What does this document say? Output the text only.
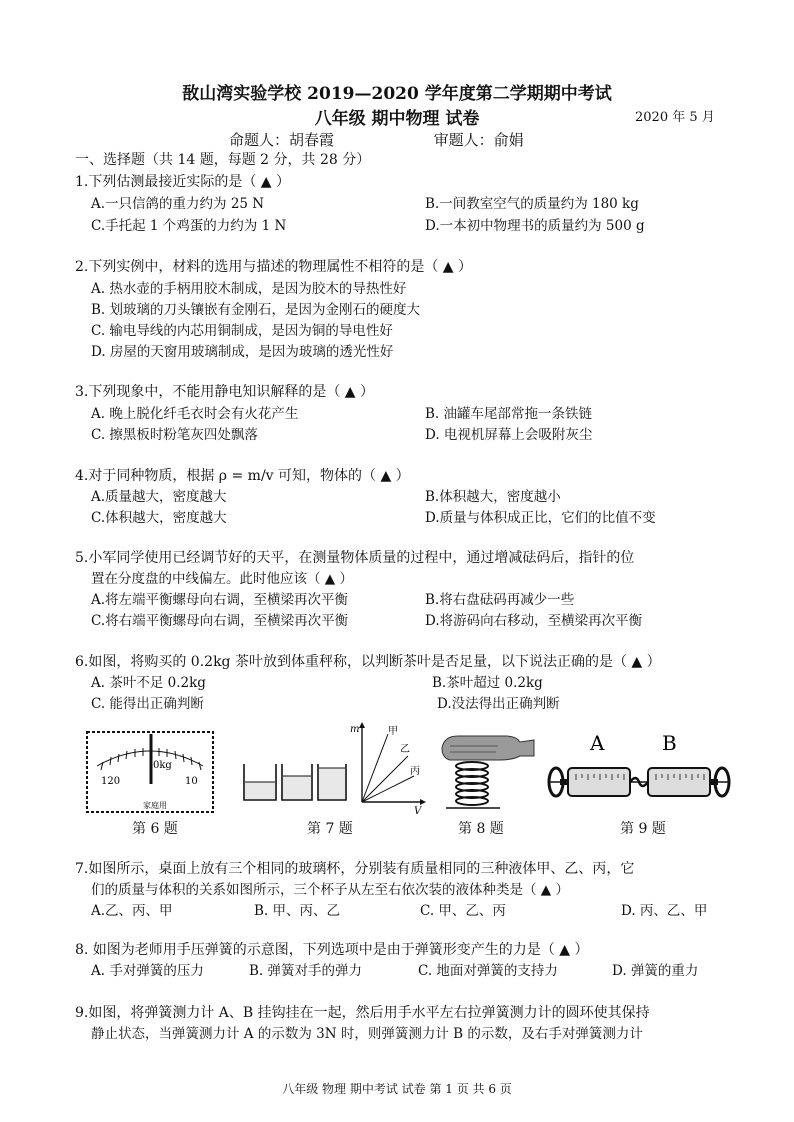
敔山湾实验学校 2019—2020 学年度第二学期期中考试
八年级 期中物理 试卷	2020 年 5 月
命题人：胡春霞	审题人：俞娟
一、选择题（共 14 题，每题 2 分，共 28 分）
1.下列估测最接近实际的是（ ▲ ）
A.一只信鸽的重力约为 25 N	B.一间教室空气的质量约为 180 kg
C.手托起 1 个鸡蛋的力约为 1 N	D.一本初中物理书的质量约为 500 g
2.下列实例中，材料的选用与描述的物理属性不相符的是（ ▲ ）
A. 热水壶的手柄用胶木制成，是因为胶木的导热性好
B. 划玻璃的刀头镶嵌有金刚石，是因为金刚石的硬度大
C. 输电导线的内芯用铜制成，是因为铜的导电性好
D. 房屋的天窗用玻璃制成，是因为玻璃的透光性好
3.下列现象中，不能用静电知识解释的是（ ▲ ）
A. 晚上脱化纤毛衣时会有火花产生	B. 油罐车尾部常拖一条铁链
C. 擦黑板时粉笔灰四处飘落	D. 电视机屏幕上会吸附灰尘
4.对于同种物质，根据 ρ = m/v 可知，物体的（ ▲ ）
A.质量越大，密度越大	B.体积越大，密度越小
C.体积越大，密度越大	D.质量与体积成正比，它们的比值不变
5.小军同学使用已经调节好的天平，在测量物体质量的过程中，通过增减砝码后，指针的位
置在分度盘的中线偏左。此时他应该（ ▲ ）
A.将左端平衡螺母向右调，至横梁再次平衡	B.将右盘砝码再减少一些
C.将右端平衡螺母向右调，至横梁再次平衡	D.将游码向右移动，至横梁再次平衡
6.如图，将购买的 0.2kg 茶叶放到体重秤称，以判断茶叶是否足量，以下说法正确的是（ ▲ ）
A. 茶叶不足 0.2kg	B.茶叶超过 0.2kg
C. 能得出正确判断	D.没法得出正确判断
120
0kg
10
家庭用
第 6 题
m
V
甲
乙
丙
第 7 题	第 8 题
A	B
第 9 题
7.如图所示，桌面上放有三个相同的玻璃杯，分别装有质量相同的三种液体甲、乙、丙，它
们的质量与体积的关系如图所示，三个杯子从左至右依次装的液体种类是（ ▲ ）
A.乙、丙、甲	B. 甲、丙、乙	C. 甲、乙、丙	D. 丙、乙、甲
8. 如图为老师用手压弹簧的示意图，下列选项中是由于弹簧形变产生的力是（ ▲ ）
A. 手对弹簧的压力	B. 弹簧对手的弹力	C. 地面对弹簧的支持力	D. 弹簧的重力
9.如图，将弹簧测力计 A、B 挂钩挂在一起，然后用手水平左右拉弹簧测力计的圆环使其保持
静止状态，当弹簧测力计 A 的示数为 3N 时，则弹簧测力计 B 的示数，及右手对弹簧测力计
八年级 物理 期中考试 试卷 第 1 页 共 6 页
